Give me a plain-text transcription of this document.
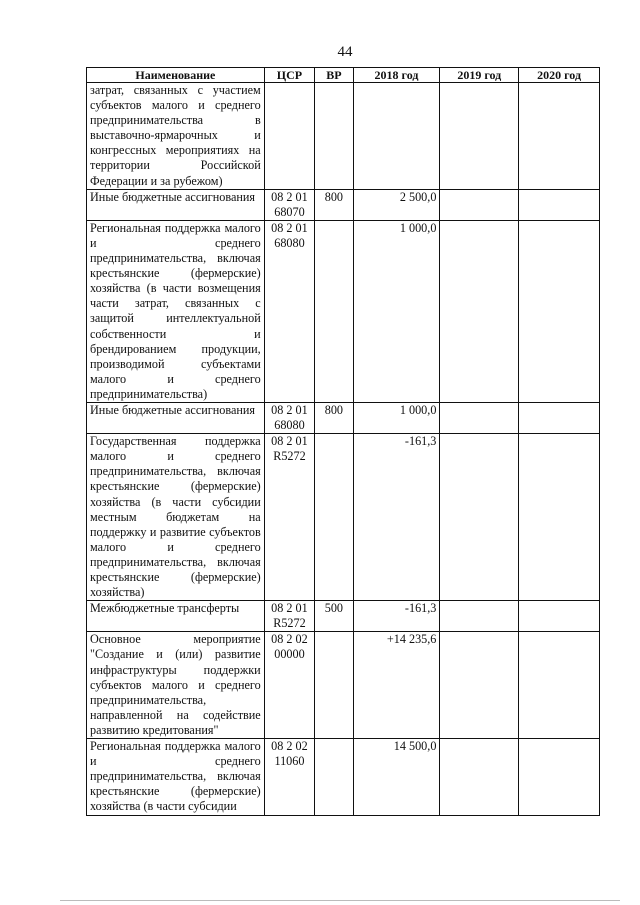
44
Наименование	ЦСР	ВР	2018 год	2019 год	2020 год
затрат, связанных с участием субъектов малого и среднего предпринимательства в выставочно-ярмарочных и конгрессных мероприятиях на территории Российской Федерации и за рубежом)					
Иные бюджетные ассигнования	08 2 01 68070	800	2 500,0		
Региональная поддержка малого и среднего предпринимательства, включая крестьянские (фермерские) хозяйства (в части возмещения части затрат, связанных с защитой интеллектуальной собственности и брендированием продукции, производимой субъектами малого и среднего предпринимательства)	08 2 01 68080		1 000,0		
Иные бюджетные ассигнования	08 2 01 68080	800	1 000,0		
Государственная поддержка малого и среднего предпринимательства, включая крестьянские (фермерские) хозяйства (в части субсидии местным бюджетам на поддержку и развитие субъектов малого и среднего предпринимательства, включая крестьянские (фермерские) хозяйства)	08 2 01 R5272		-161,3		
Межбюджетные трансферты	08 2 01 R5272	500	-161,3		
Основное мероприятие "Создание и (или) развитие инфраструктуры поддержки субъектов малого и среднего предпринимательства, направленной на содействие развитию кредитования"	08 2 02 00000		+14 235,6		
Региональная поддержка малого и среднего предпринимательства, включая крестьянские (фермерские) хозяйства (в части субсидии	08 2 02 11060		14 500,0		
